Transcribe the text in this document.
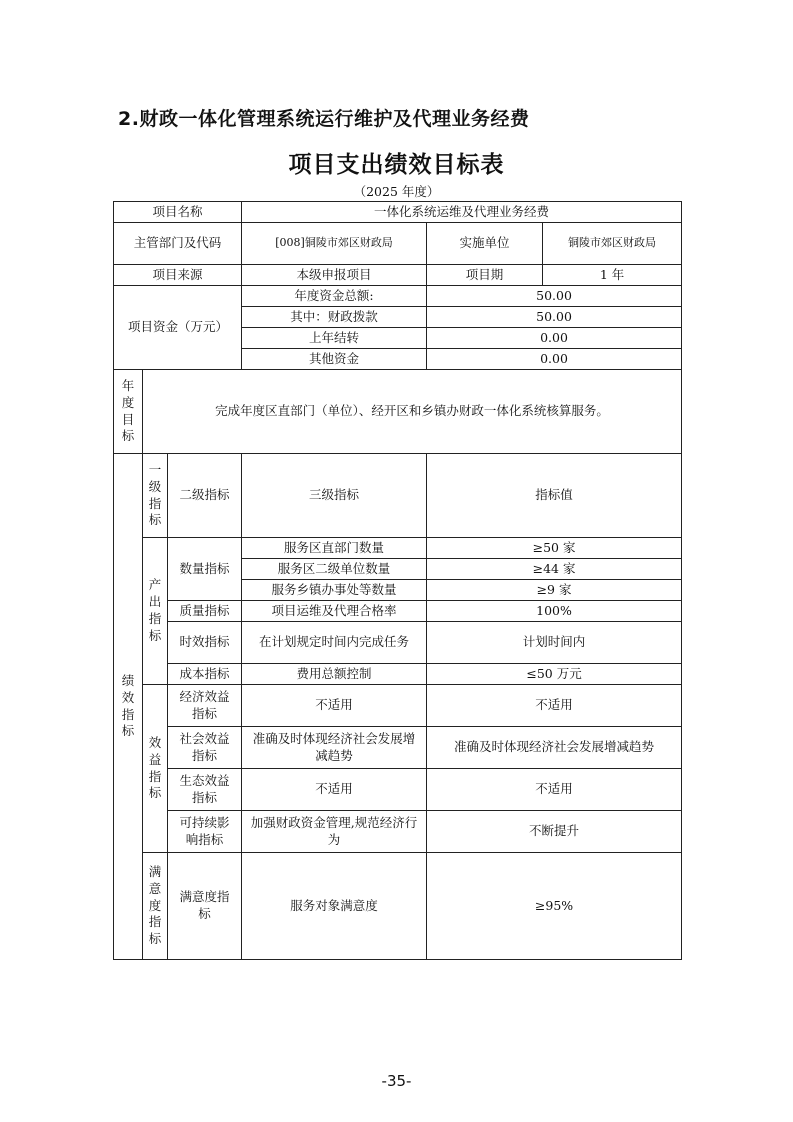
2.财政一体化管理系统运行维护及代理业务经费
项目支出绩效目标表
（2025 年度）
项目名称			一体化系统运维及代理业务经费		
主管部门及代码			[008]铜陵市郊区财政局	实施单位	铜陵市郊区财政局
项目来源			本级申报项目	项目期	1 年
项目资金（万元）			年度资金总额:	50.00	
			其中：财政拨款	50.00	
			上年结转	0.00	
			其他资金	0.00	
年度目标	完成年度区直部门（单位）、经开区和乡镇办财政一体化系统核算服务。				
绩效指标	一级指标	二级指标	三级指标	指标值	
	产出指标	数量指标	服务区直部门数量	≥50 家	
			服务区二级单位数量	≥44 家	
			服务乡镇办事处等数量	≥9 家	
		质量指标	项目运维及代理合格率	100%	
		时效指标	在计划规定时间内完成任务	计划时间内	
		成本指标	费用总额控制	≤50 万元	
	效益指标	经济效益指标	不适用	不适用	
		社会效益指标	准确及时体现经济社会发展增减趋势	准确及时体现经济社会发展增减趋势	
		生态效益指标	不适用	不适用	
		可持续影响指标	加强财政资金管理,规范经济行为	不断提升	
	满意度指标	满意度指标	服务对象满意度	≥95%	
-35-
